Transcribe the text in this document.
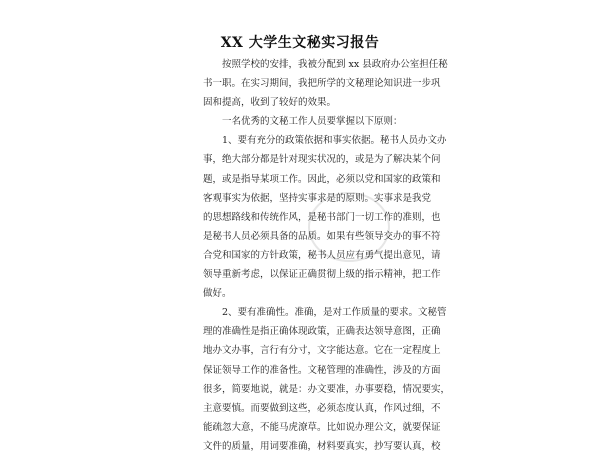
XX 大学生文秘实习报告
按照学校的安排，我被分配到 xx 县政府办公室担任秘
书一职。在实习期间，我把所学的文秘理论知识进一步巩
固和提高，收到了较好的效果。
一名优秀的文秘工作人员要掌握以下原则：
1、要有充分的政策依据和事实依据。秘书人员办文办
事，绝大部分都是针对现实状况的，或是为了解决某个问
题，或是指导某项工作。因此，必须以党和国家的政策和
客观事实为依据，坚持实事求是的原则。实事求是我党
的思想路线和传统作风，是秘书部门一切工作的准则，也
是秘书人员必须具备的品质。如果有些领导交办的事不符
合党和国家的方针政策，秘书人员应有勇气提出意见，请
领导重新考虑，以保证正确贯彻上级的指示精神，把工作
做好。
2、要有准确性。准确，是对工作质量的要求。文秘管
理的准确性是指正确体现政策，正确表达领导意图，正确
地办文办事，言行有分寸，文字能达意。它在一定程度上
保证领导工作的准备性。文秘管理的准确性，涉及的方面
很多，简要地说，就是：办文要准，办事要稳，情况要实，
主意要慎。而要做到这些，必须态度认真，作风过细，不
能疏忽大意，不能马虎潦草。比如说办理公文，就要保证
文件的质量，用词要准确，材料要真实，抄写要认真，校
